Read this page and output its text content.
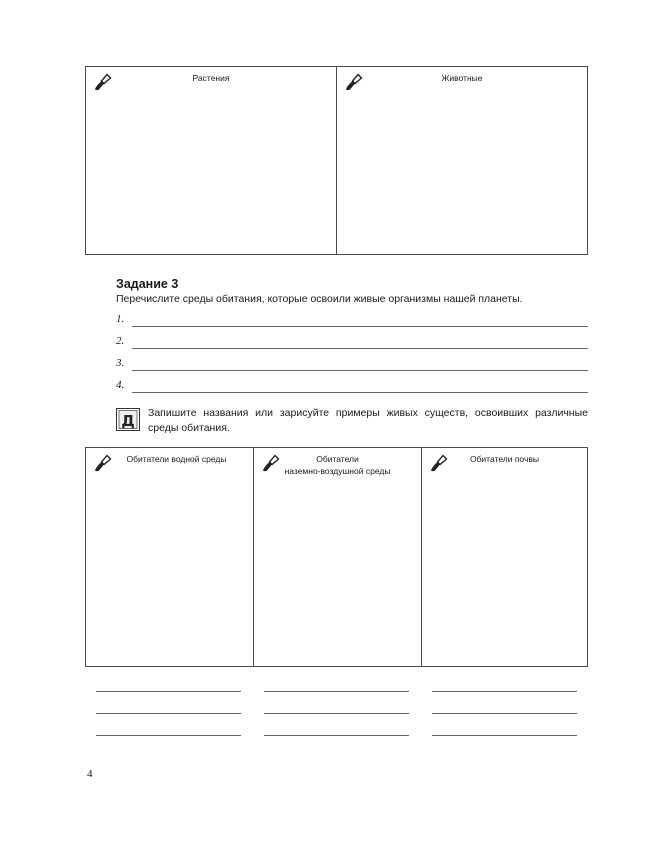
Растения	Животные
Задание 3
Перечислите среды обитания, которые освоили живые организмы нашей планеты.
1.
2.
3.
4.
Д Запишите названия или зарисуйте примеры живых существ, освоивших различные среды обитания.
Обитатели водной среды	Обитатели
наземно-воздушной среды
Обитатели почвы
4
